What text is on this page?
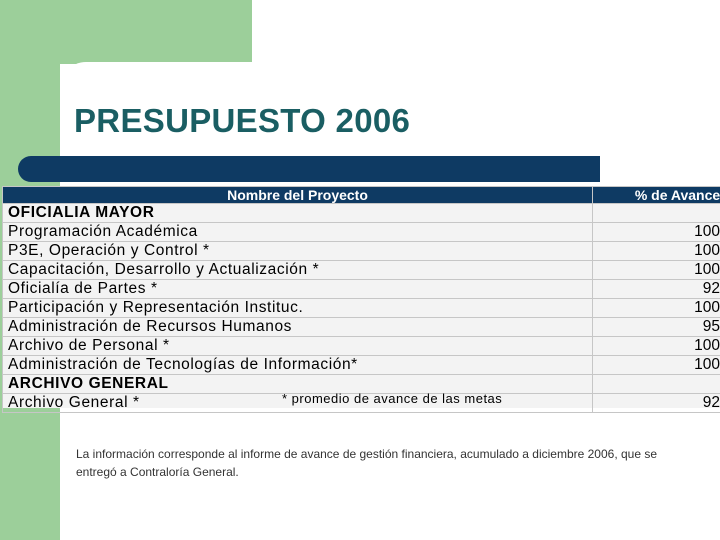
PRESUPUESTO 2006
Nombre del Proyecto	% de Avance
OFICIALIA MAYOR	
Programación Académica	100
P3E, Operación y Control *	100
Capacitación, Desarrollo y Actualización *	100
Oficialía de Partes *	92
Participación y Representación Instituc.	100
Administración de Recursos Humanos	95
Archivo de Personal *	100
Administración de Tecnologías de Información*	100
ARCHIVO GENERAL	
Archivo General *	92
* promedio de avance de las metas

La información corresponde al informe de avance de gestión financiera, acumulado a diciembre 2006, que se entregó a Contraloría General.
